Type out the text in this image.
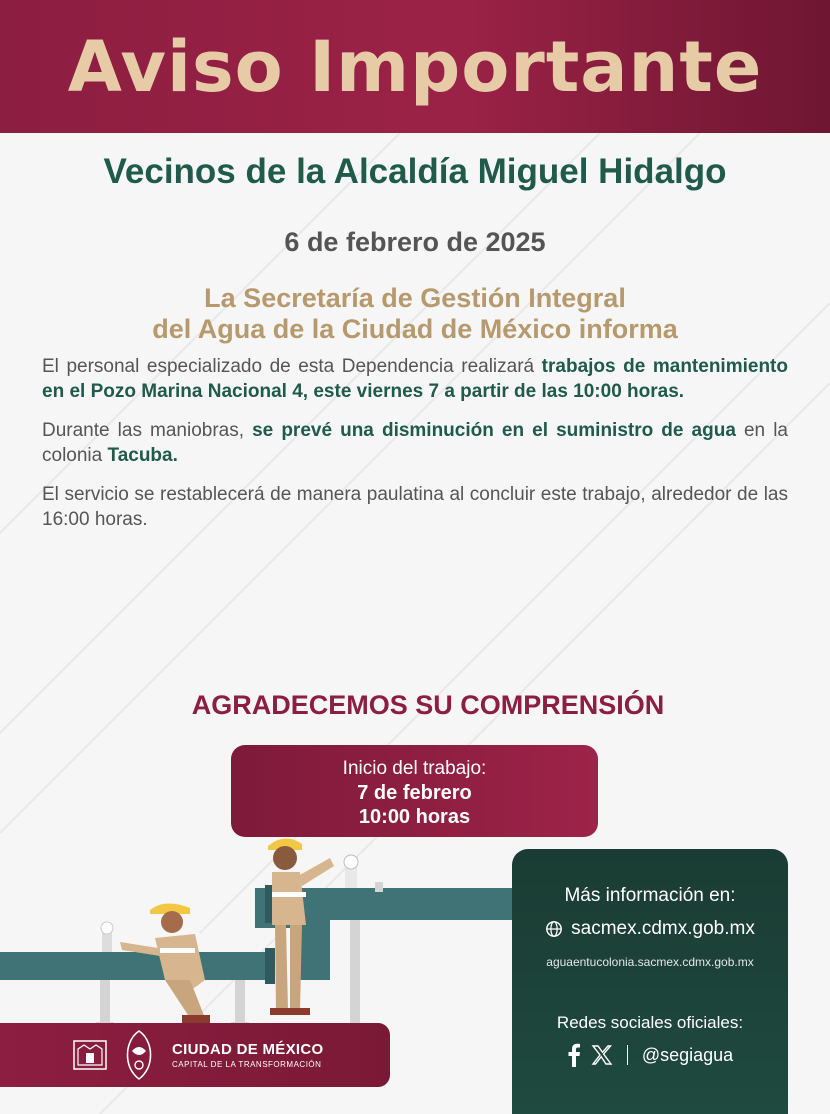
Aviso Importante
Vecinos de la Alcaldía Miguel Hidalgo
6 de febrero de 2025
La Secretaría de Gestión Integral
del Agua de la Ciudad de México informa

El personal especializado de esta Dependencia realizará trabajos de mantenimiento en el Pozo Marina Nacional 4, este viernes 7 a partir de las 10:00 horas.

Durante las maniobras, se prevé una disminución en el suministro de agua en la colonia Tacuba.

El servicio se restablecerá de manera paulatina al concluir este trabajo, alrededor de las 16:00 horas.

AGRADECEMOS SU COMPRENSIÓN
Inicio del trabajo:
7 de febrero
10:00 horas
Más información en:
sacmex.cdmx.gob.mx
aguaentucolonia.sacmex.cdmx.gob.mx
Redes sociales oficiales:
@segiagua
CIUDAD DE MÉXICO
CAPITAL DE LA TRANSFORMACIÓN
